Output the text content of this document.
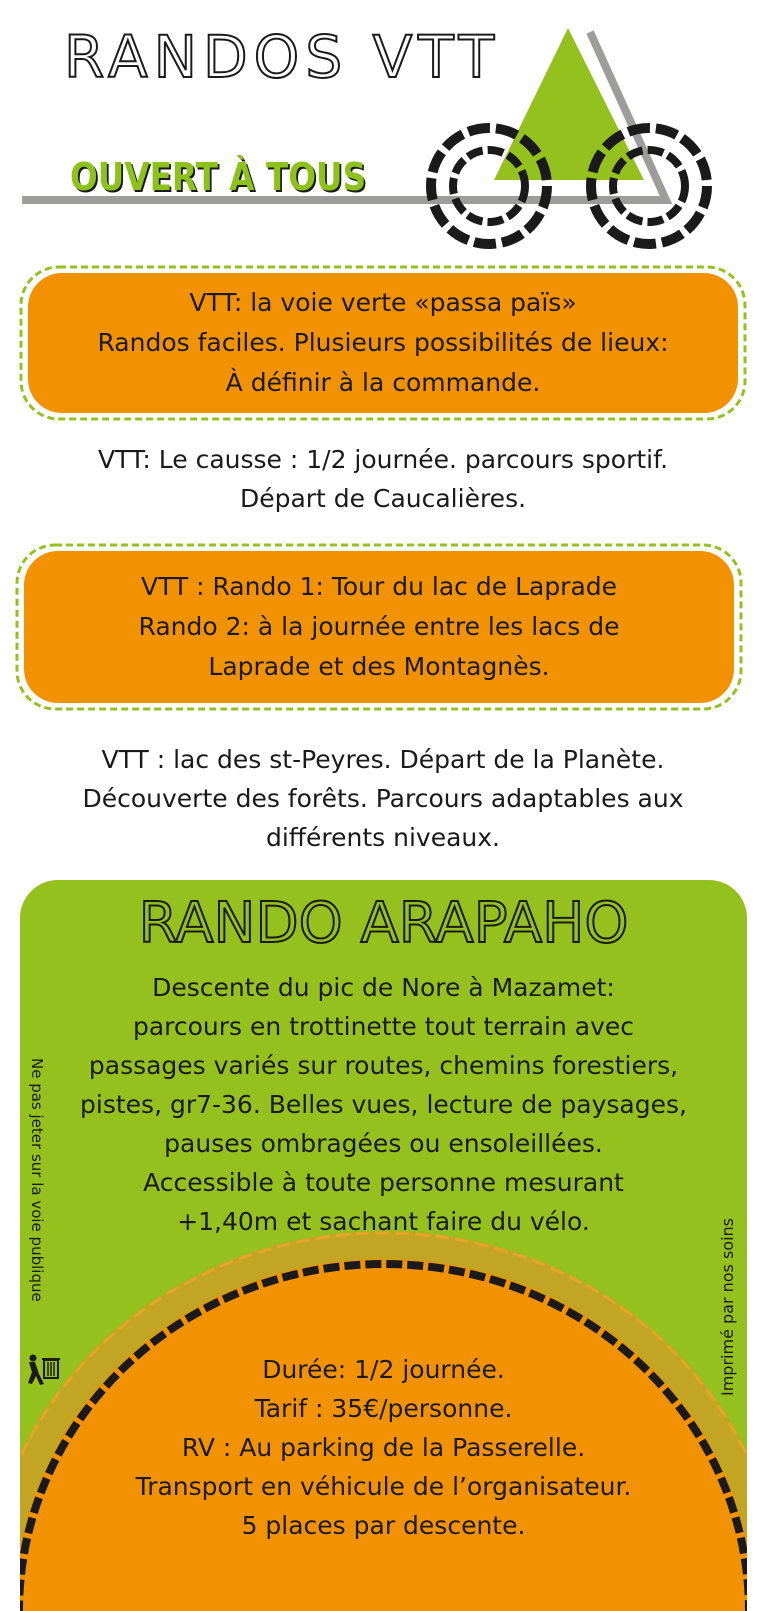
RANDOS VTT
OUVERT À TOUS
VTT: la voie verte «passa païs»
Randos faciles. Plusieurs possibilités de lieux:
À définir à la commande.
VTT: Le causse : 1/2 journée. parcours sportif.
Départ de Caucalières.
VTT : Rando 1: Tour du lac de Laprade
Rando 2: à la journée entre les lacs de
Laprade et des Montagnès.
VTT : lac des st-Peyres. Départ de la Planète.
Découverte des forêts. Parcours adaptables aux
différents niveaux.
RANDO ARAPAHO
Descente du pic de Nore à Mazamet:
parcours en trottinette tout terrain avec
passages variés sur routes, chemins forestiers,
pistes, gr7-36. Belles vues, lecture de paysages,
pauses ombragées ou ensoleillées.
Accessible à toute personne mesurant
+1,40m et sachant faire du vélo.
Durée: 1/2 journée.
Tarif : 35€/personne.
RV : Au parking de la Passerelle.
Transport en véhicule de l’organisateur.
5 places par descente.
Ne pas jeter sur la voie publique
Imprimé par nos soins
